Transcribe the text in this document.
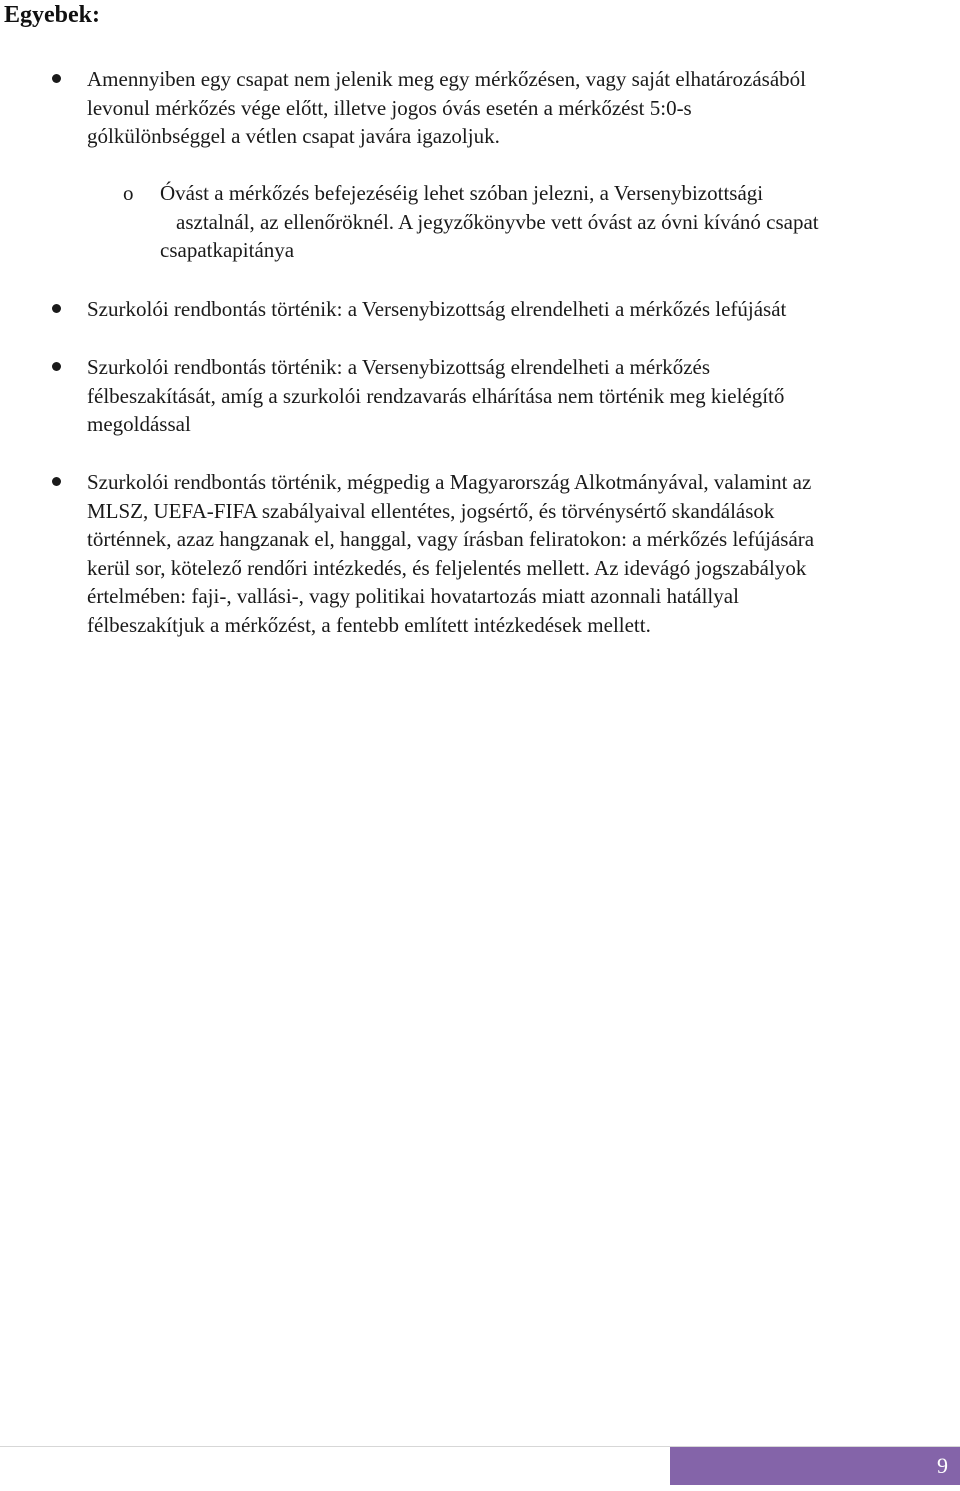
Egyebek:
Amennyiben egy csapat nem jelenik meg egy mérkőzésen, vagy saját elhatározásából
levonul mérkőzés vége előtt, illetve jogos óvás esetén a mérkőzést 5:0-s
gólkülönbséggel a vétlen csapat javára igazoljuk.
o Óvást a mérkőzés befejezéséig lehet szóban jelezni, a Versenybizottsági
asztalnál, az ellenőröknél. A jegyzőkönyvbe vett óvást az óvni kívánó csapat
csapatkapitánya
Szurkolói rendbontás történik: a Versenybizottság elrendelheti a mérkőzés lefújását
Szurkolói rendbontás történik: a Versenybizottság elrendelheti a mérkőzés
félbeszakítását, amíg a szurkolói rendzavarás elhárítása nem történik meg kielégítő
megoldással
Szurkolói rendbontás történik, mégpedig a Magyarország Alkotmányával, valamint az
MLSZ, UEFA-FIFA szabályaival ellentétes, jogsértő, és törvénysértő skandálások
történnek, azaz hangzanak el, hanggal, vagy írásban feliratokon: a mérkőzés lefújására
kerül sor, kötelező rendőri intézkedés, és feljelentés mellett. Az idevágó jogszabályok
értelmében: faji-, vallási-, vagy politikai hovatartozás miatt azonnali hatállyal
félbeszakítjuk a mérkőzést, a fentebb említett intézkedések mellett.
9
